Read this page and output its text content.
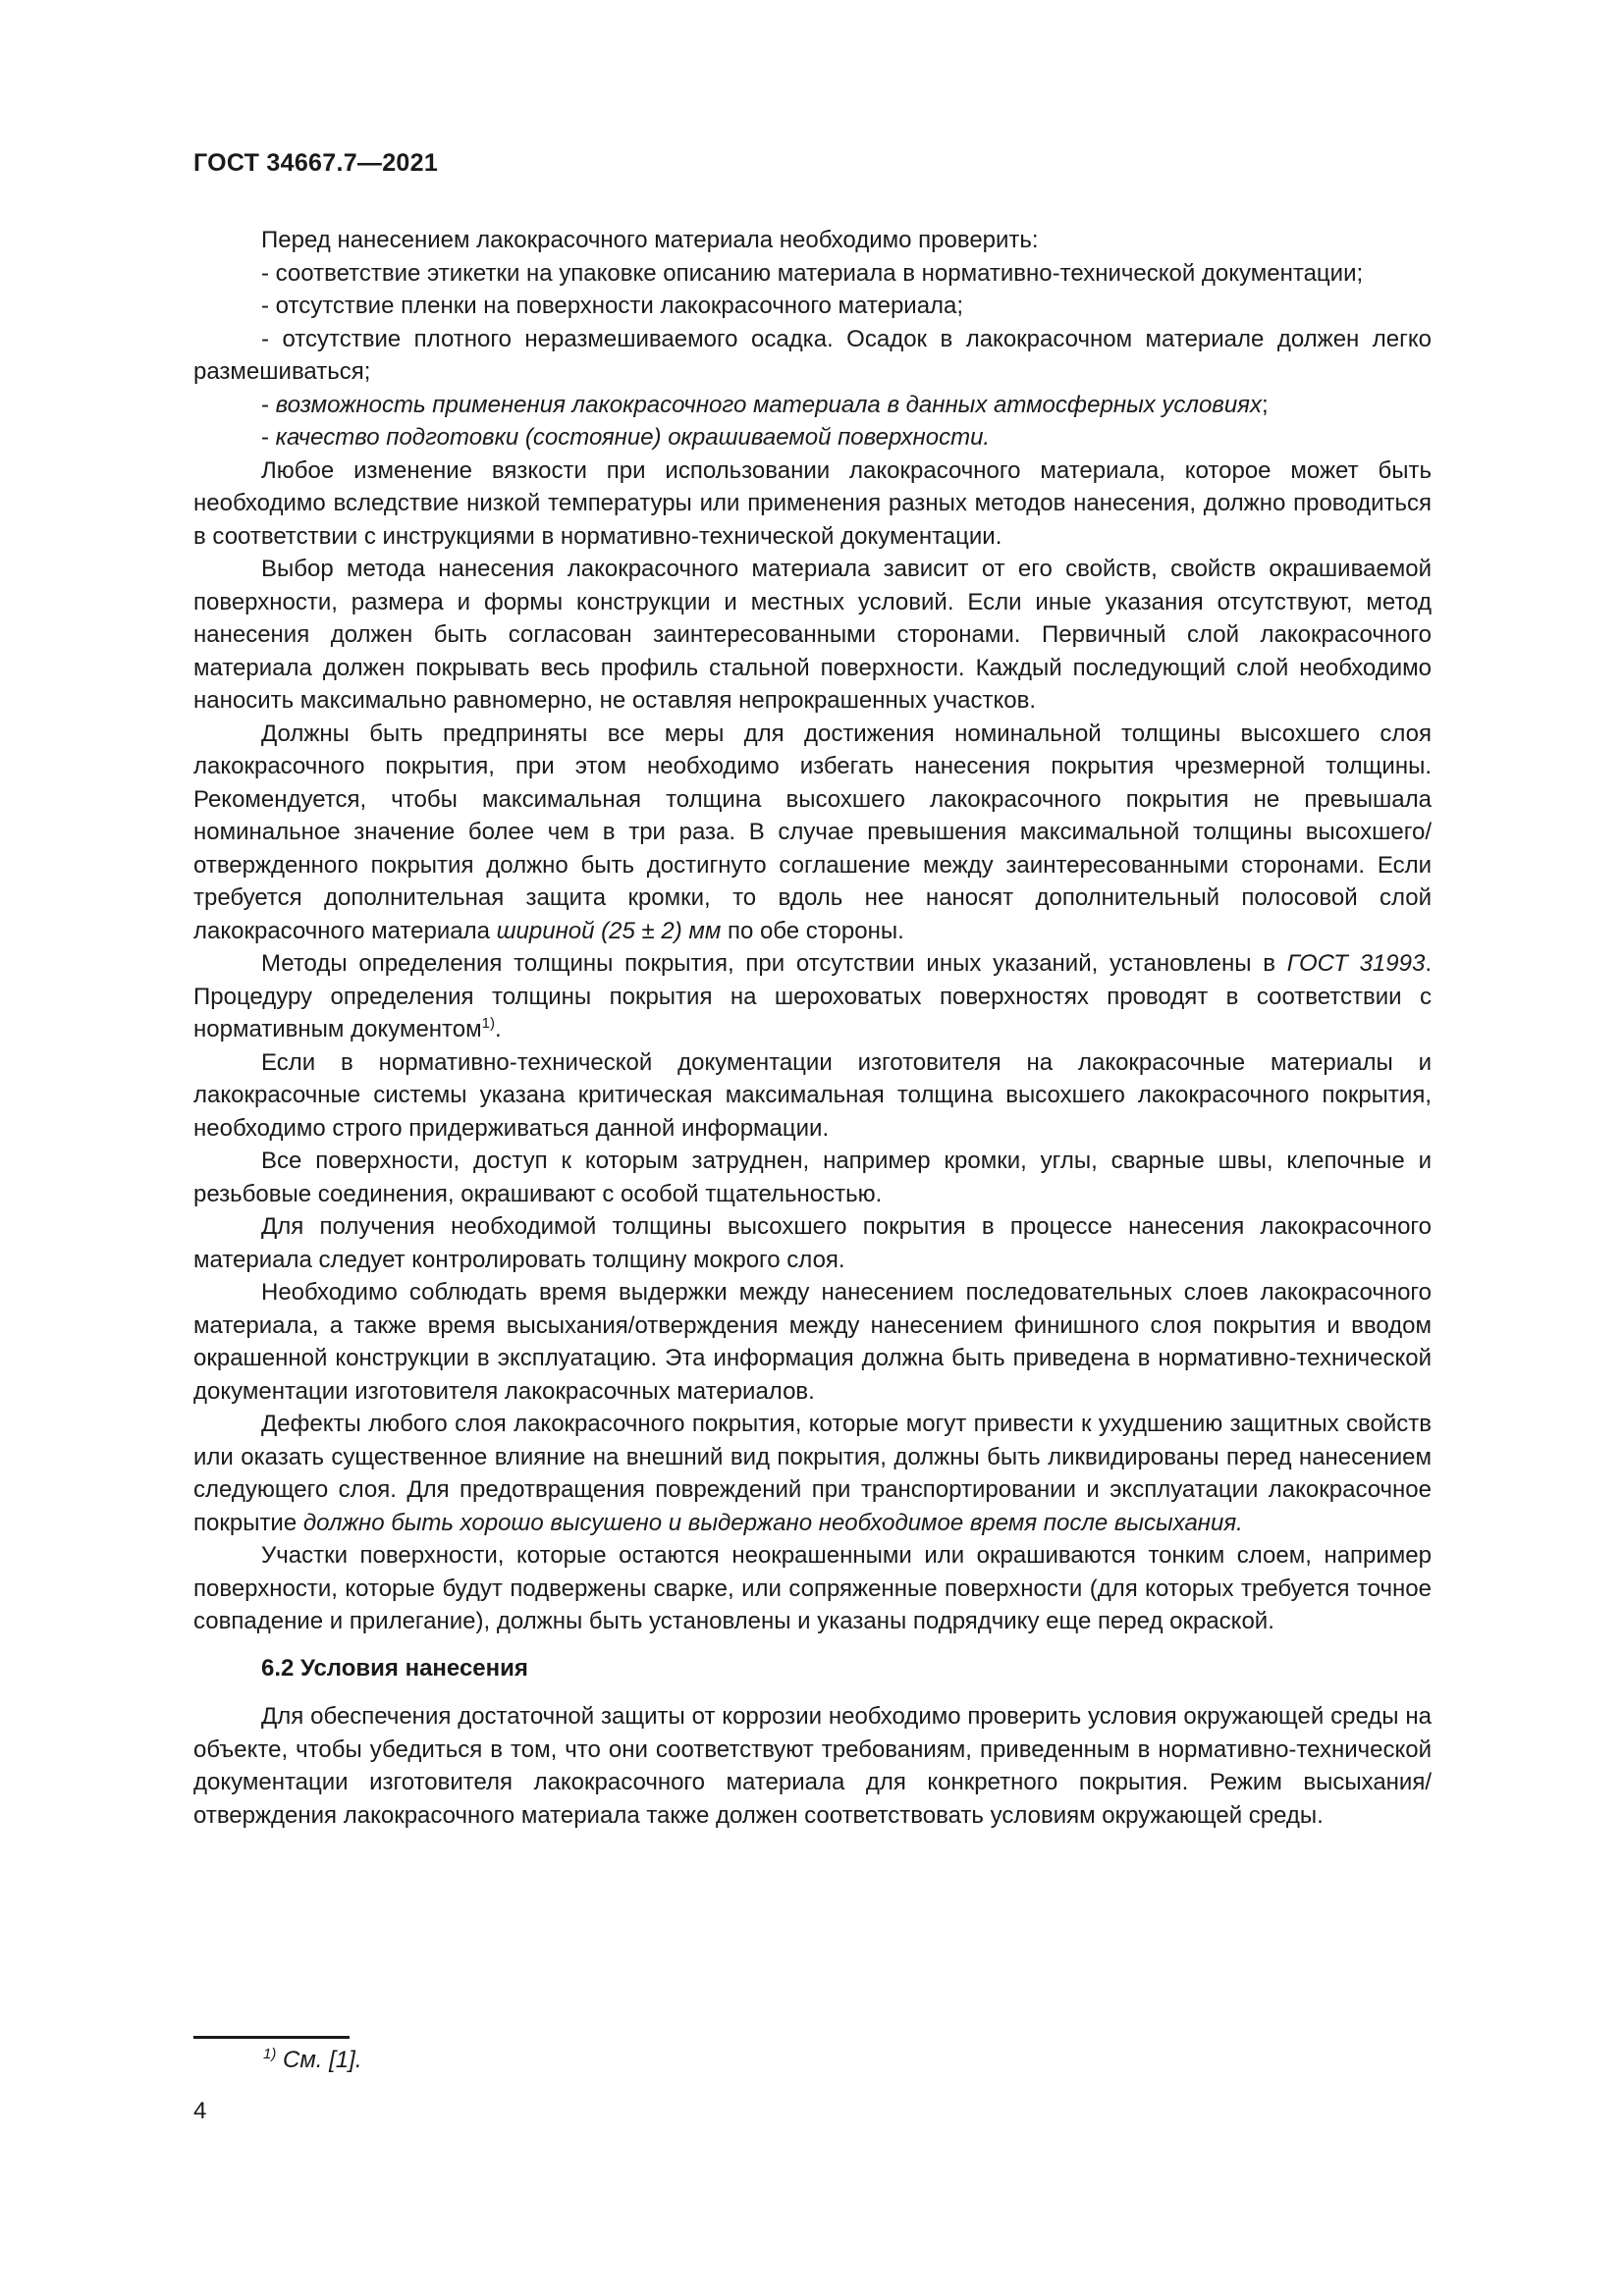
ГОСТ 34667.7—2021

Перед нанесением лакокрасочного материала необходимо проверить:

- соответствие этикетки на упаковке описанию материала в нормативно-технической документации;

- отсутствие пленки на поверхности лакокрасочного материала;

- отсутствие плотного неразмешиваемого осадка. Осадок в лакокрасочном материале должен легко размешиваться;

- возможность применения лакокрасочного материала в данных атмосферных условиях;

- качество подготовки (состояние) окрашиваемой поверхности.

Любое изменение вязкости при использовании лакокрасочного материала, которое может быть необходимо вследствие низкой температуры или применения разных методов нанесения, должно проводиться в соответствии с инструкциями в нормативно-технической документации.

Выбор метода нанесения лакокрасочного материала зависит от его свойств, свойств окрашиваемой поверхности, размера и формы конструкции и местных условий. Если иные указания отсутствуют, метод нанесения должен быть согласован заинтересованными сторонами. Первичный слой лакокрасочного материала должен покрывать весь профиль стальной поверхности. Каждый последующий слой необходимо наносить максимально равномерно, не оставляя непрокрашенных участков.

Должны быть предприняты все меры для достижения номинальной толщины высохшего слоя лакокрасочного покрытия, при этом необходимо избегать нанесения покрытия чрезмерной толщины. Рекомендуется, чтобы максимальная толщина высохшего лакокрасочного покрытия не превышала номинальное значение более чем в три раза. В случае превышения максимальной толщины высохшего/отвержденного покрытия должно быть достигнуто соглашение между заинтересованными сторонами. Если требуется дополнительная защита кромки, то вдоль нее наносят дополнительный полосовой слой лакокрасочного материала шириной (25 ± 2) мм по обе стороны.

Методы определения толщины покрытия, при отсутствии иных указаний, установлены в ГОСТ 31993. Процедуру определения толщины покрытия на шероховатых поверхностях проводят в соответствии с нормативным документом$^{1)}$.

Если в нормативно-технической документации изготовителя на лакокрасочные материалы и лакокрасочные системы указана критическая максимальная толщина высохшего лакокрасочного покрытия, необходимо строго придерживаться данной информации.

Все поверхности, доступ к которым затруднен, например кромки, углы, сварные швы, клепочные и резьбовые соединения, окрашивают с особой тщательностью.

Для получения необходимой толщины высохшего покрытия в процессе нанесения лакокрасочного материала следует контролировать толщину мокрого слоя.

Необходимо соблюдать время выдержки между нанесением последовательных слоев лакокрасочного материала, а также время высыхания/отверждения между нанесением финишного слоя покрытия и вводом окрашенной конструкции в эксплуатацию. Эта информация должна быть приведена в нормативно-технической документации изготовителя лакокрасочных материалов.

Дефекты любого слоя лакокрасочного покрытия, которые могут привести к ухудшению защитных свойств или оказать существенное влияние на внешний вид покрытия, должны быть ликвидированы перед нанесением следующего слоя. Для предотвращения повреждений при транспортировании и эксплуатации лакокрасочное покрытие должно быть хорошо высушено и выдержано необходимое время после высыхания.

Участки поверхности, которые остаются неокрашенными или окрашиваются тонким слоем, например поверхности, которые будут подвержены сварке, или сопряженные поверхности (для которых требуется точное совпадение и прилегание), должны быть установлены и указаны подрядчику еще перед окраской.

6.2 Условия нанесения

Для обеспечения достаточной защиты от коррозии необходимо проверить условия окружающей среды на объекте, чтобы убедиться в том, что они соответствуют требованиям, приведенным в нормативно-технической документации изготовителя лакокрасочного материала для конкретного покрытия. Режим высыхания/отверждения лакокрасочного материала также должен соответствовать условиям окружающей среды.

$^{1)}$ См. [1].
4
